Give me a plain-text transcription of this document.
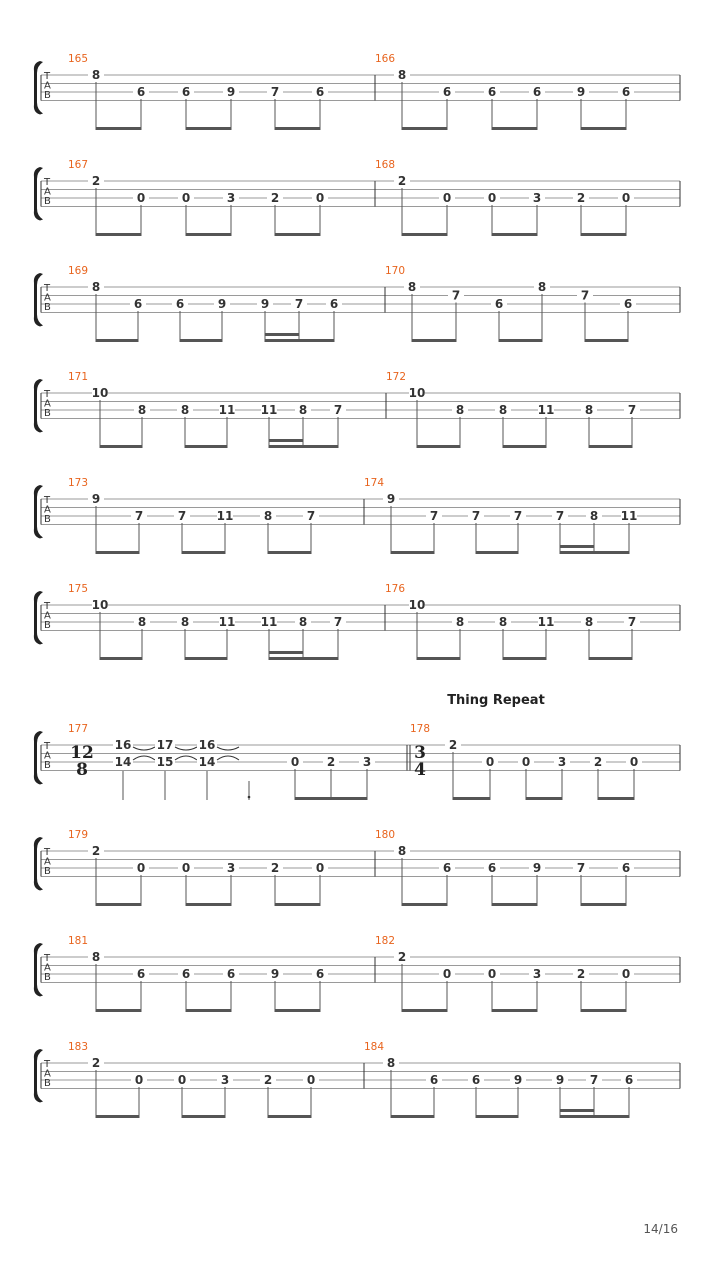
T
A
B
165
8
6	6	9	7	6
166
8
6	6	6	9	6
T
A
B
167
2
0	0	3	2	0
168
2
0	0	3	2	0
T
A
B
169
8
6	6	9	9 7 6
170
8
7
6
8
7
6
T
A
B
171
10
8	8 11 11 8 7
172
10
8	8	11	8	7
T
A
B
173
9
7	7	11	8	7
174
9
7	7	7	7 8 11
T
A
B
175
10
8	8 11 11 8 7
176
10
8	8	11	8	7
T
A
B
177
12
8
16
14
17
15
16
14	0 2 3
178
3
4
2
0 0 3 2 0
Thing Repeat
T
A
B
179
2
0	0	3	2	0
180
8
6	6	9	7	6
T
A
B
181
8
6	6	6	9	6
182
2
0	0	3	2	0
T
A
B
183
2
0	0	3	2	0
184
8
6	6	9	9 7 6
14/16
